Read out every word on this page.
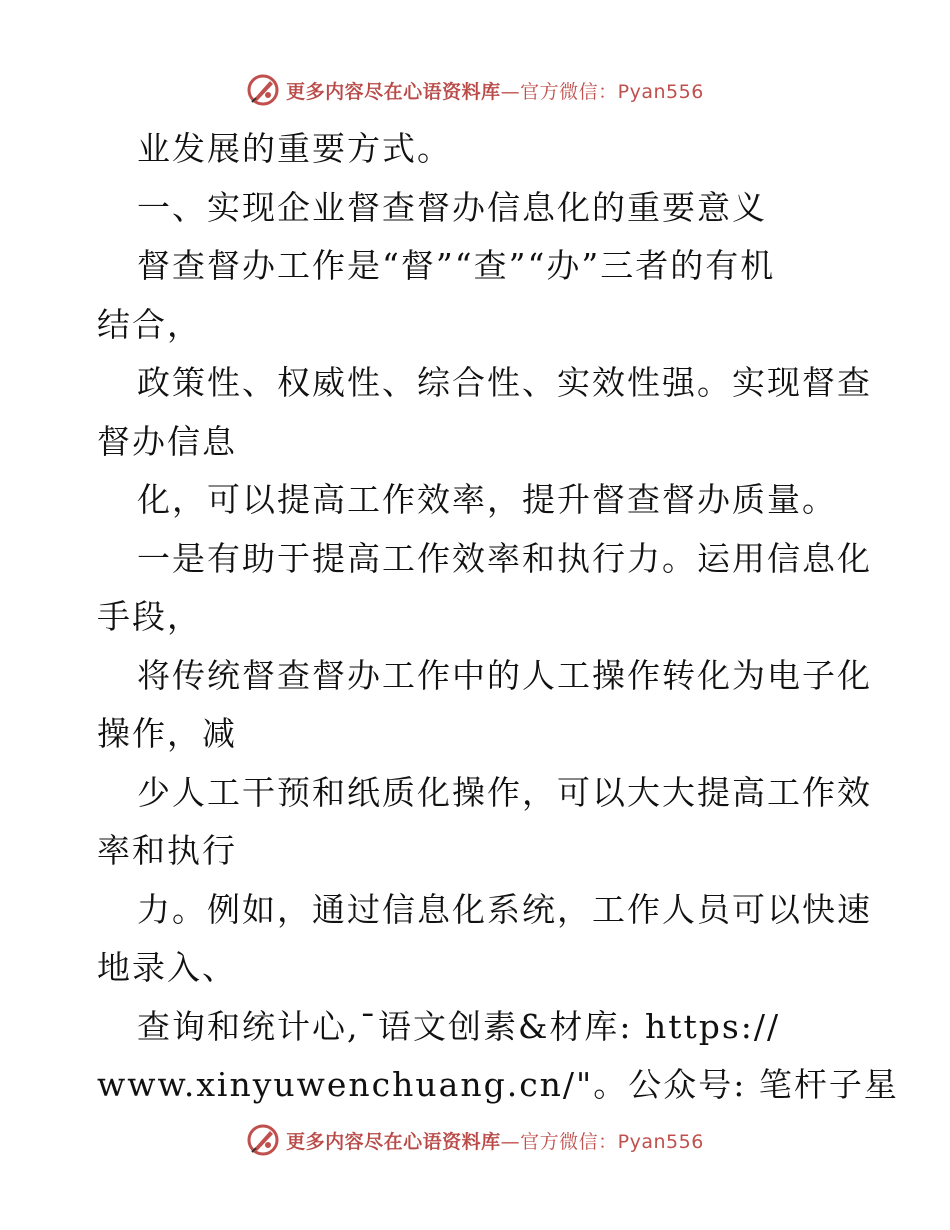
更多内容尽在心语资料库—官方微信：Pyan556
业发展的重要方式。
一、实现企业督查督办信息化的重要意义
督查督办工作是“督”“查”“办”三者的有机
结合，
政策性、权威性、综合性、实效性强。实现督查
督办信息
化，可以提高工作效率，提升督查督办质量。
一是有助于提高工作效率和执行力。运用信息化
手段，
将传统督查督办工作中的人工操作转化为电子化
操作，减
少人工干预和纸质化操作，可以大大提高工作效
率和执行
力。例如，通过信息化系统，工作人员可以快速
地录入、
查询和统计心,¯语文创素&材库: https://
www.xinyuwenchuang.cn/"。公众号: 笔杆子星
更多内容尽在心语资料库—官方微信：Pyan556
